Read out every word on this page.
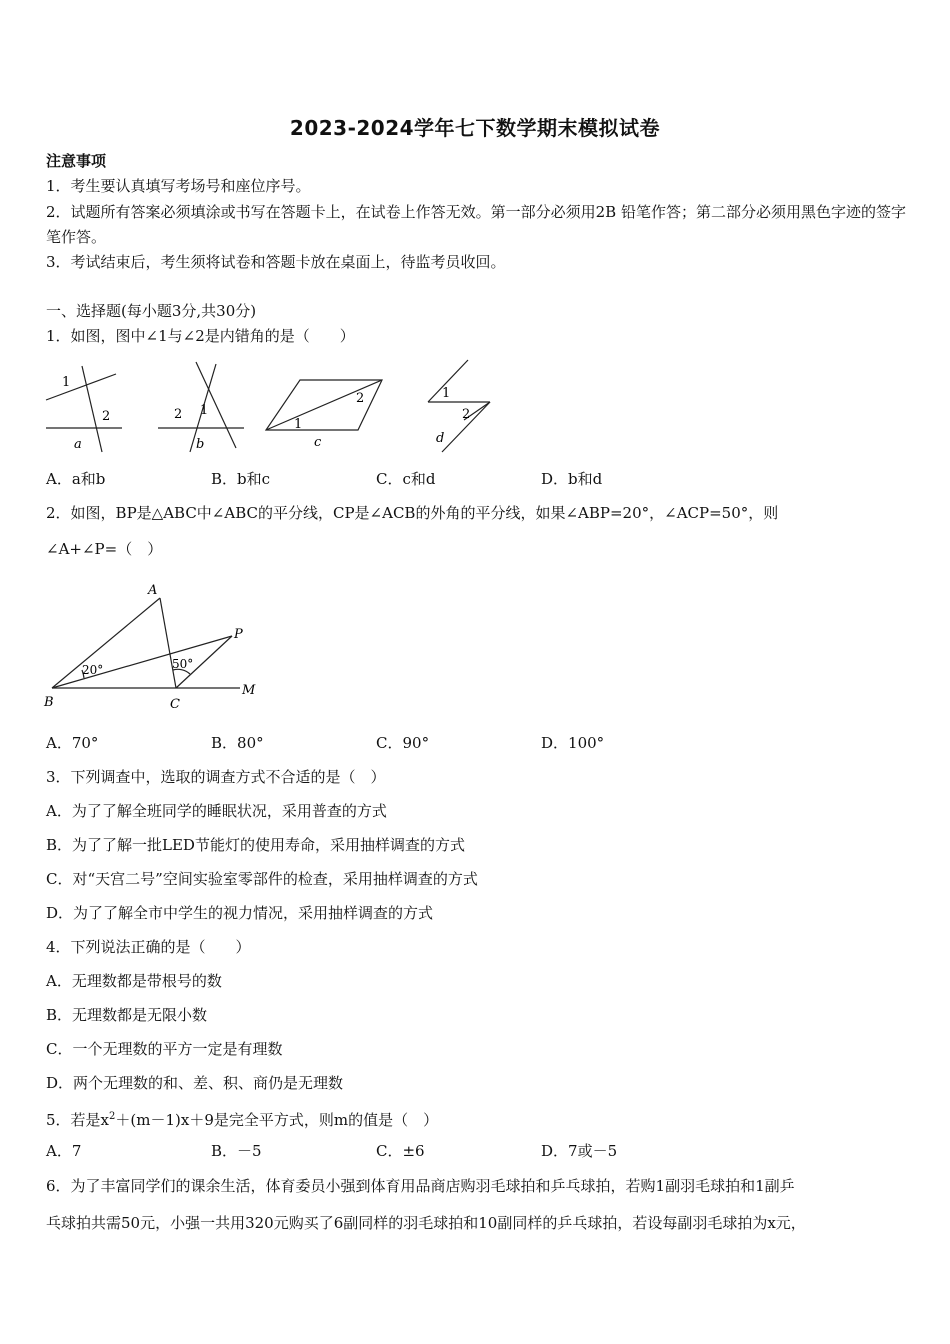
2023-2024学年七下数学期末模拟试卷
注意事项
1．考生要认真填写考场号和座位序号。
2．试题所有答案必须填涂或书写在答题卡上，在试卷上作答无效。第一部分必须用2B 铅笔作答；第二部分必须用黑色字迹的签字笔作答。
3．考试结束后，考生须将试卷和答题卡放在桌面上，待监考员收回。
一、选择题(每小题3分,共30分)
1．如图，图中∠1与∠2是内错角的是（　　）
1
2
a
2 1
b
2
1
c
1
2
d
A．a和b	B．b和c	C．c和d	D．b和d
2．如图，BP是△ABC中∠ABC的平分线，CP是∠ACB的外角的平分线，如果∠ABP=20°，∠ACP=50°，则
∠A+∠P=（　）
A
B	C
P
M
20°	50°
A．70°	B．80°	C．90°	D．100°
3．下列调查中，选取的调查方式不合适的是（　）
A．为了了解全班同学的睡眠状况，采用普查的方式
B．为了了解一批LED节能灯的使用寿命，采用抽样调查的方式
C．对“天宫二号”空间实验室零部件的检查，采用抽样调查的方式
D．为了了解全市中学生的视力情况，采用抽样调查的方式
4．下列说法正确的是（　　）
A．无理数都是带根号的数
B．无理数都是无限小数
C．一个无理数的平方一定是有理数
D．两个无理数的和、差、积、商仍是无理数
5．若是$x^2+(m-1)x+9$是完全平方式，则m的值是（　）
A．7	B．－5	C．±6	D．7或－5
6．为了丰富同学们的课余生活，体育委员小强到体育用品商店购羽毛球拍和乒乓球拍，若购1副羽毛球拍和1副乒
乓球拍共需50元，小强一共用320元购买了6副同样的羽毛球拍和10副同样的乒乓球拍，若设每副羽毛球拍为x元，
